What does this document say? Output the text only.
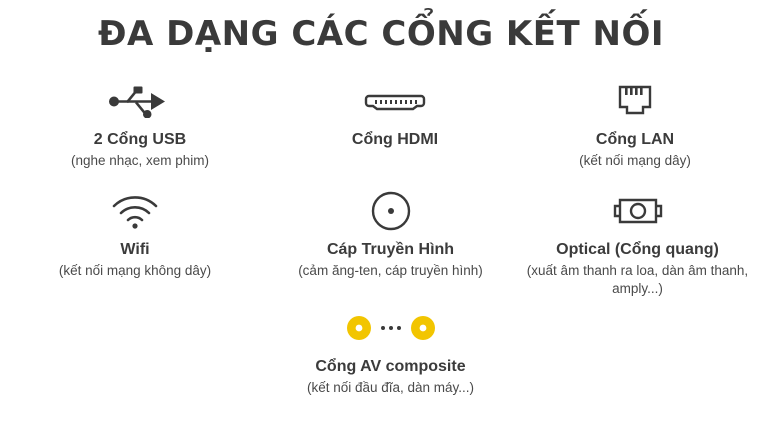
ĐA DẠNG CÁC CỔNG KẾT NỐI
2 Cổng USB
(nghe nhạc, xem phim)
Cổng HDMI	Cổng LAN
(kết nối mạng dây)
Wifi
(kết nối mạng không dây)
Cáp Truyền Hình
(cảm ăng-ten, cáp truyền hình)
Optical (Cổng quang)
(xuất âm thanh ra loa, dàn âm thanh, amply...)
Cổng AV composite
(kết nối đầu đĩa, dàn máy...)
